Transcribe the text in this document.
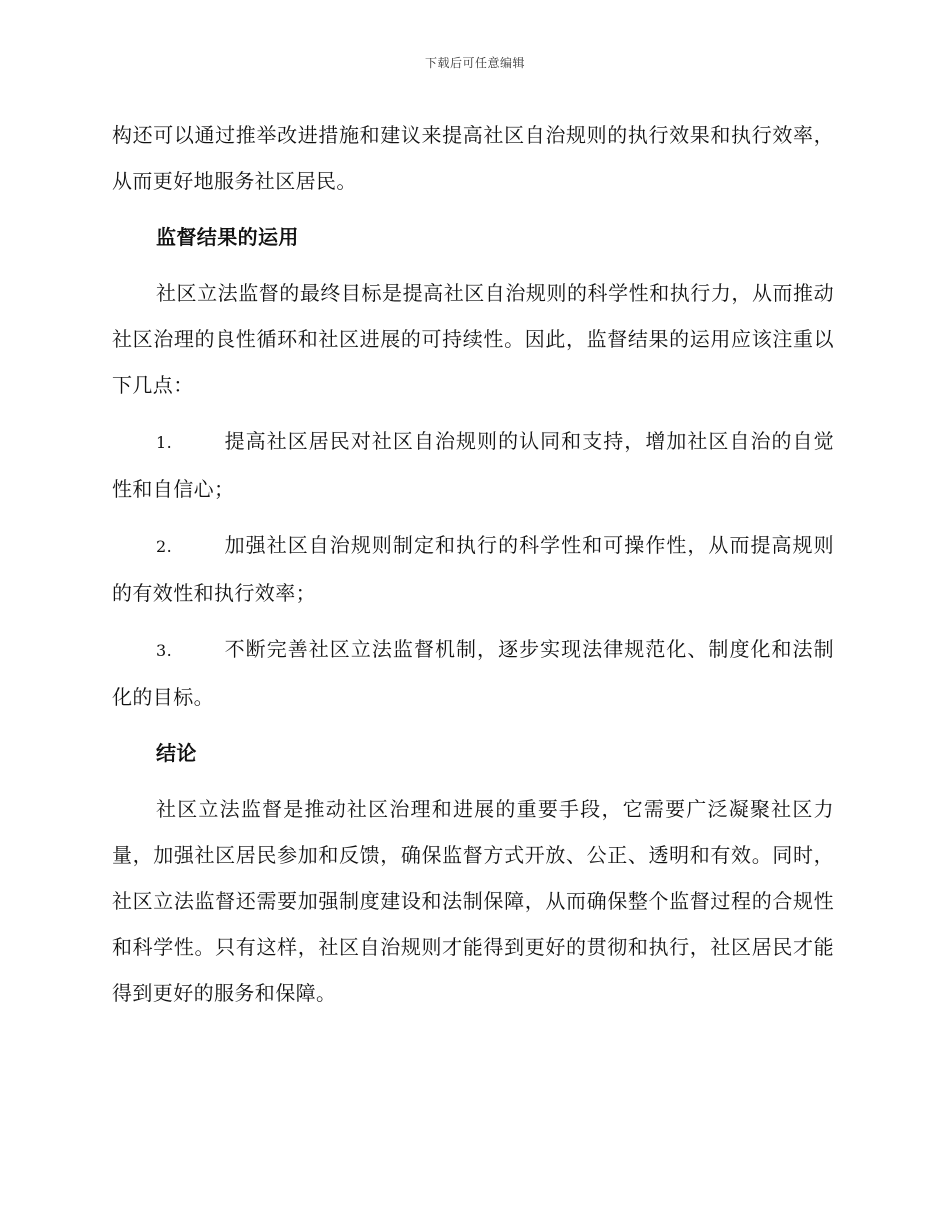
下载后可任意编辑

构还可以通过推举改进措施和建议来提高社区自治规则的执行效果和执行效率，从而更好地服务社区居民。

监督结果的运用

社区立法监督的最终目标是提高社区自治规则的科学性和执行力，从而推动社区治理的良性循环和社区进展的可持续性。因此，监督结果的运用应该注重以下几点：

1.	提高社区居民对社区自治规则的认同和支持，增加社区自治的自觉性和自信心；

2.	加强社区自治规则制定和执行的科学性和可操作性，从而提高规则的有效性和执行效率；

3.	不断完善社区立法监督机制，逐步实现法律规范化、制度化和法制化的目标。

结论

社区立法监督是推动社区治理和进展的重要手段，它需要广泛凝聚社区力量，加强社区居民参加和反馈，确保监督方式开放、公正、透明和有效。同时，社区立法监督还需要加强制度建设和法制保障，从而确保整个监督过程的合规性和科学性。只有这样，社区自治规则才能得到更好的贯彻和执行，社区居民才能得到更好的服务和保障。
